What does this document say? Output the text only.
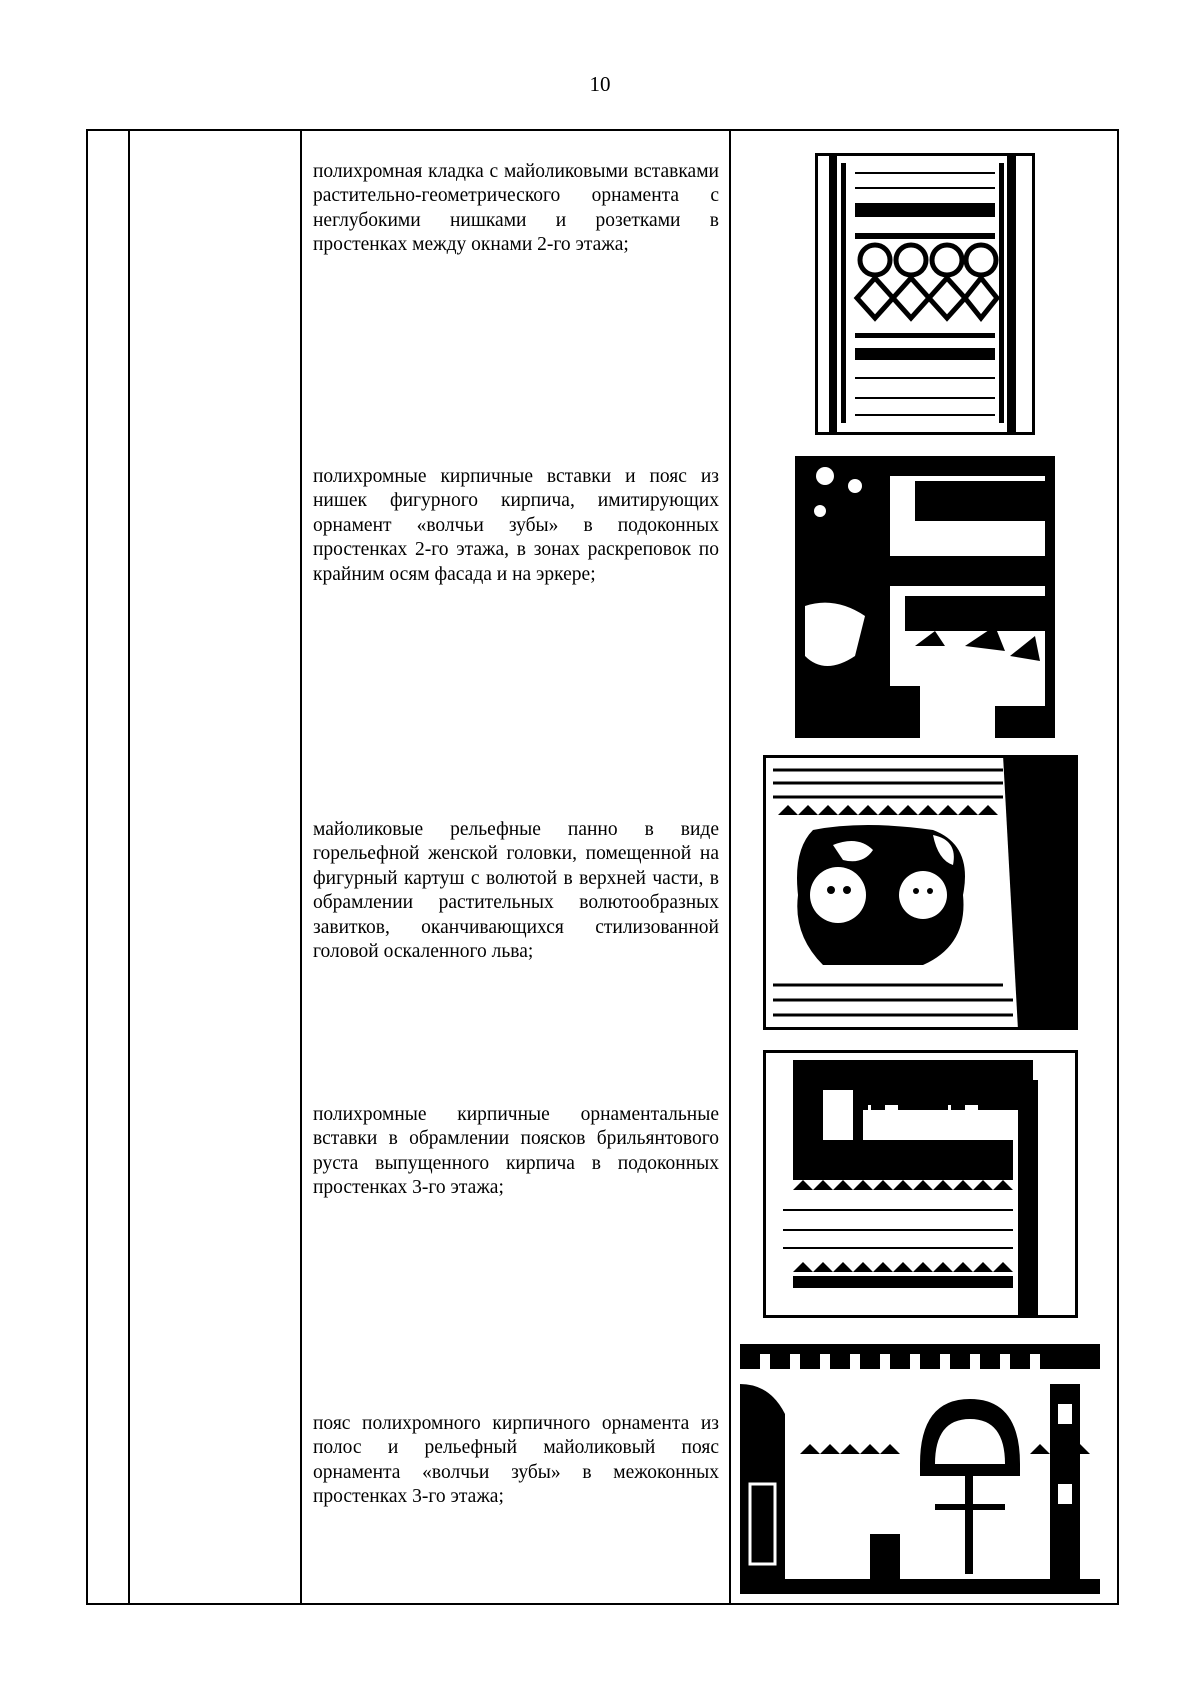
10
полихромная кладка с майоликовыми вставками растительно-геометрического орнамента с неглубокими нишками и розетками в простенках между окнами 2-го этажа;
полихромные кирпичные вставки и пояс из нишек фигурного кирпича, имитирующих орнамент «волчьи зубы» в подоконных простенках 2-го этажа, в зонах раскреповок по крайним осям фасада и на эркере;
майоликовые рельефные панно в виде горельефной женской головки, помещенной на фигурный картуш с волютой в верхней части, в обрамлении растительных волютообразных завитков, оканчивающихся стилизованной головой оскаленного льва;
полихромные кирпичные орнаментальные вставки в обрамлении поясков брильянтового руста выпущенного кирпича в подоконных простенках 3-го этажа;
пояс полихромного кирпичного орнамента из полос и рельефный майоликовый пояс орнамента «волчьи зубы» в межоконных простенках 3-го этажа;
